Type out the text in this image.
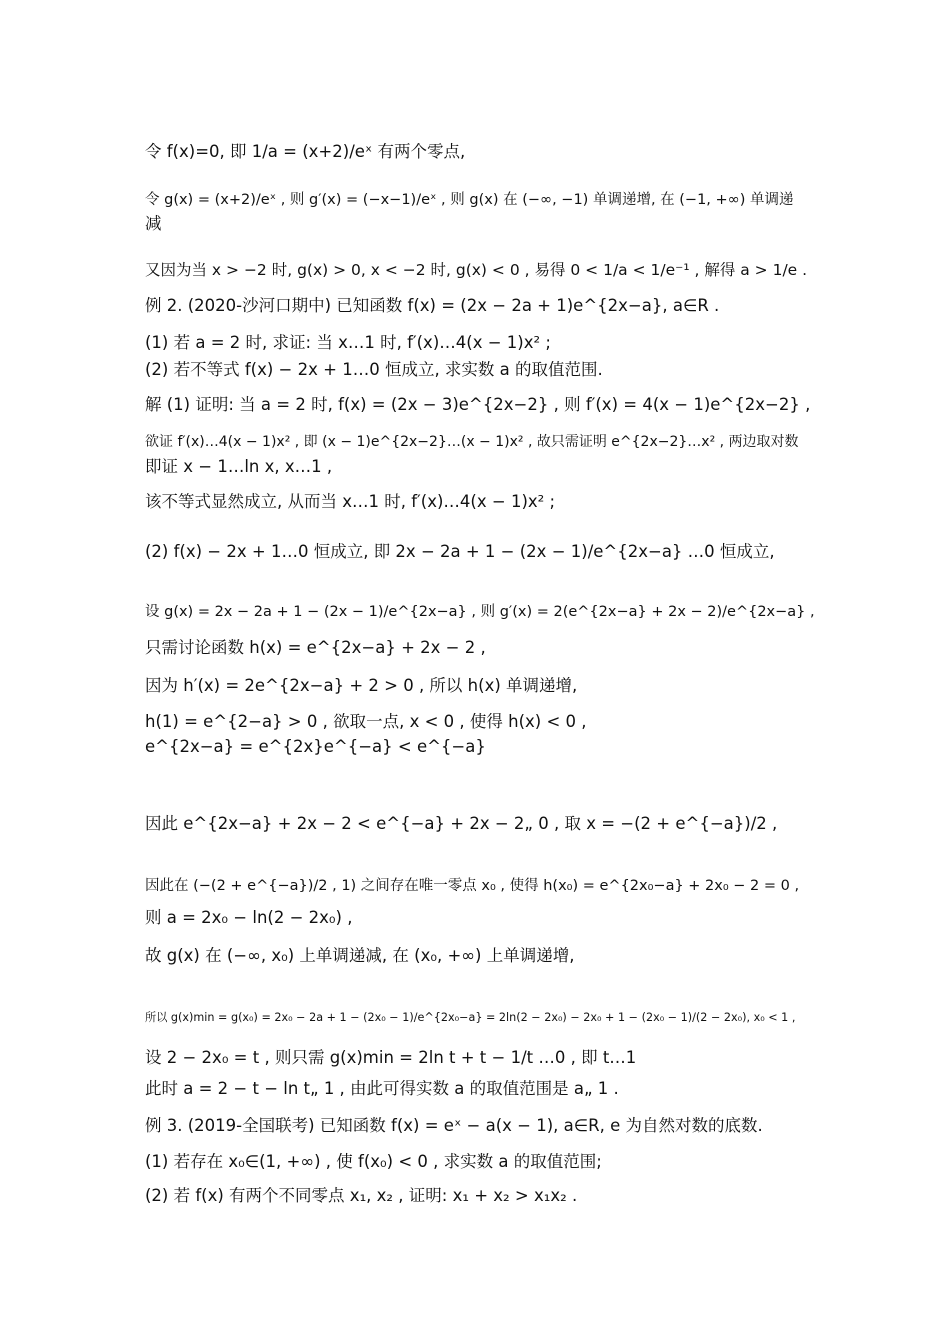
令 f(x)=0, 即 1/a = (x+2)/eˣ 有两个零点,
令 g(x) = (x+2)/eˣ , 则 g′(x) = (−x−1)/eˣ , 则 g(x) 在 (−∞, −1) 单调递增, 在 (−1, +∞) 单调递
减
又因为当 x > −2 时, g(x) > 0, x < −2 时, g(x) < 0 , 易得 0 < 1/a < 1/e⁻¹ , 解得 a > 1/e .
例 2. (2020-沙河口期中) 已知函数 f(x) = (2x − 2a + 1)e^{2x−a}, a∈R .
(1) 若 a = 2 时, 求证: 当 x…1 时, f′(x)…4(x − 1)x² ;
(2) 若不等式 f(x) − 2x + 1…0 恒成立, 求实数 a 的取值范围.
解 (1) 证明: 当 a = 2 时, f(x) = (2x − 3)e^{2x−2} , 则 f′(x) = 4(x − 1)e^{2x−2} ,
欲证 f′(x)…4(x − 1)x² , 即 (x − 1)e^{2x−2}…(x − 1)x² , 故只需证明 e^{2x−2}…x² , 两边取对数
即证 x − 1…ln x, x…1 ,
该不等式显然成立, 从而当 x…1 时, f′(x)…4(x − 1)x² ;
(2) f(x) − 2x + 1…0 恒成立, 即 2x − 2a + 1 − (2x − 1)/e^{2x−a} …0 恒成立,
设 g(x) = 2x − 2a + 1 − (2x − 1)/e^{2x−a} , 则 g′(x) = 2(e^{2x−a} + 2x − 2)/e^{2x−a} ,
只需讨论函数 h(x) = e^{2x−a} + 2x − 2 ,
因为 h′(x) = 2e^{2x−a} + 2 > 0 , 所以 h(x) 单调递增,
h(1) = e^{2−a} > 0 , 欲取一点, x < 0 , 使得 h(x) < 0 ,
e^{2x−a} = e^{2x}e^{−a} < e^{−a}
因此 e^{2x−a} + 2x − 2 < e^{−a} + 2x − 2„ 0 , 取 x = −(2 + e^{−a})/2 ,
因此在 (−(2 + e^{−a})/2 , 1) 之间存在唯一零点 x₀ , 使得 h(x₀) = e^{2x₀−a} + 2x₀ − 2 = 0 ,
则 a = 2x₀ − ln(2 − 2x₀) ,
故 g(x) 在 (−∞, x₀) 上单调递减, 在 (x₀, +∞) 上单调递增,
所以 g(x)min = g(x₀) = 2x₀ − 2a + 1 − (2x₀ − 1)/e^{2x₀−a} = 2ln(2 − 2x₀) − 2x₀ + 1 − (2x₀ − 1)/(2 − 2x₀), x₀ < 1 ,
设 2 − 2x₀ = t , 则只需 g(x)min = 2ln t + t − 1/t …0 , 即 t…1
此时 a = 2 − t − ln t„ 1 , 由此可得实数 a 的取值范围是 a„ 1 .
例 3. (2019-全国联考) 已知函数 f(x) = eˣ − a(x − 1), a∈R, e 为自然对数的底数.
(1) 若存在 x₀∈(1, +∞) , 使 f(x₀) < 0 , 求实数 a 的取值范围;
(2) 若 f(x) 有两个不同零点 x₁, x₂ , 证明: x₁ + x₂ > x₁x₂ .
